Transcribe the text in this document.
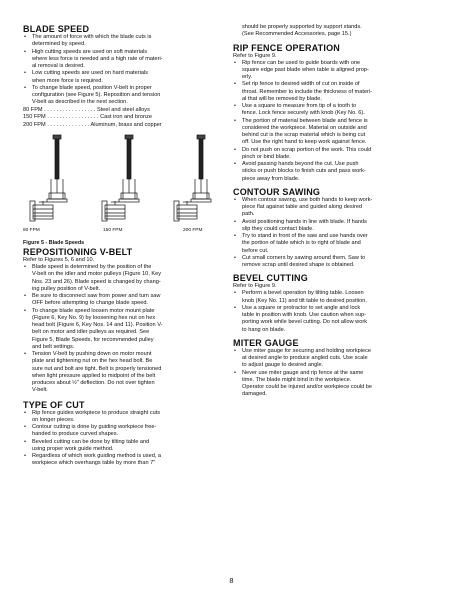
BLADE SPEED
• The amount of force with which the blade cuts is
determined by speed.
• High cutting speeds are used on soft materials
where less force is needed and a high rate of materi-
al removal is desired.
• Low cutting speeds are used on hard materials
when more force is required.
• To change blade speed, position V-belt in proper
configuration (see Figure 5). Reposition and tension
V-belt as described in the next section.
80 FPM . . . . . . . . . . . . . . . . . Steel and steel alloys
150 FPM . . . . . . . . . . . . . . . . . Cast iron and bronze
200 FPM . . . . . . . . . . . . . . Aluminum, brass and copper
80 FPM	150 FPM	200 FPM
Figure 5 - Blade Speeds
REPOSITIONING V-BELT

Refer to Figures 5, 6 and 10.

• Blade speed is determined by the position of the
V-belt on the idler and motor pulleys (Figure 10, Key
Nos. 23 and 26). Blade speed is changed by chang-
ing pulley position of V-belt.
• Be sure to disconnect saw from power and turn saw
OFF before attempting to change blade speed.
• To change blade speed loosen motor mount plate
(Figure 6, Key No. 9) by loosening hex nut on hex
head bolt (Figure 6, Key Nos. 14 and 11). Position V-
belt on motor and idler pulleys as required. See
Figure 5, Blade Speeds, for recommended pulley
and belt settings.
• Tension V-belt by pushing down on motor mount
plate and tightening nut on the hex head bolt. Be
sure nut and bolt are tight. Belt is properly tensioned
when light pressure applied to midpoint of the belt
produces about ½" deflection. Do not over tighten
V-belt.
TYPE OF CUT
• Rip fence guides workpiece to produce straight cuts
on longer pieces.
• Contour cutting is done by guiding workpiece free-
handed to produce curved shapes.
• Beveled cutting can be done by tilting table and
using proper work guide method.
• Regardless of which work guiding method is used, a
workpiece which overhangs table by more than 7"

should be properly supported by support stands.

(See Recommended Accessories, page 15.)

RIP FENCE OPERATION

Refer to Figure 9.

• Rip fence can be used to guide boards with one
square edge past blade when table is aligned prop-
erly.
• Set rip fence to desired width of cut on inside of
throat. Remember to include the thickness of materi-
al that will be removed by blade.
• Use a square to measure from tip of a tooth to
fence. Lock fence securely with knob (Key No. 6).
• The portion of material between blade and fence is
considered the workpiece. Material on outside and
behind cut is the scrap material which is being cut
off. Use the right hand to keep work against fence.
• Do not push on scrap portion of the work. This could
pinch or bind blade.
• Avoid passing hands beyond the cut. Use push
sticks or push blocks to finish cuts and pass work-
piece away from blade.
CONTOUR SAWING
• When contour sawing, use both hands to keep work-
piece flat against table and guided along desired
path.
• Avoid positioning hands in line with blade. If hands
slip they could contact blade.
• Try to stand in front of the saw and use hands over
the portion of table which is to right of blade and
before cut.
• Cut small corners by sawing around them. Saw to
remove scrap until desired shape is obtained.
BEVEL CUTTING

Refer to Figure 9.

• Perform a bevel operation by tilting table. Loosen
knob (Key No. 11) and tilt table to desired position.
• Use a square or protractor to set angle and lock
table in position with knob. Use caution when sup-
porting work while bevel cutting. Do not allow work
to hang on blade.
MITER GAUGE
• Use miter gauge for securing and holding workpiece
at desired angle to produce angled cuts. Use scale
to adjust gauge to desired angle.
• Never use miter gauge and rip fence at the same
time. The blade might bind in the workpiece.
Operator could be injured and/or workpiece could be
damaged.
8
